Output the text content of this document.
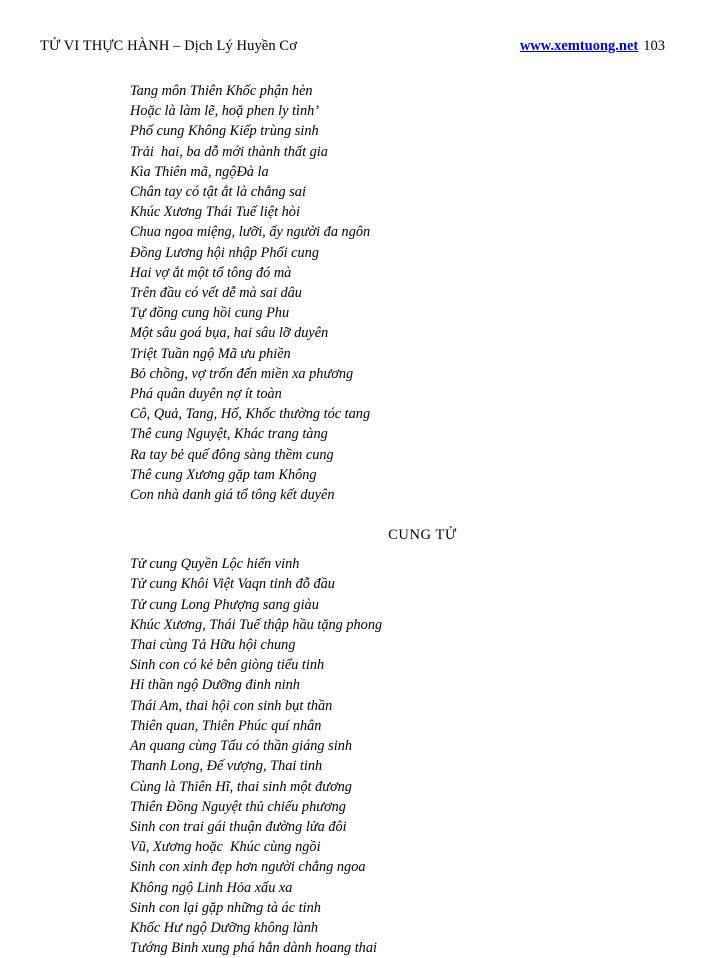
TỬ VI THỰC HÀNH – Dịch Lý Huyền Cơ	www.xemtuong.net 103
Tang môn Thiên Khốc phận hèn
Hoặc là làm lẽ, hoặ phen ly tình’
Phố cung Không Kiếp trùng sinh
Trải  hai, ba dỗ mới thành thất gia
Kìa Thiên mã, ngộĐà la
Chân tay có tật ắt là chẳng sai
Khúc Xương Thái Tuế liệt hòi
Chua ngoa miệng, lưỡi, ấy người đa ngôn
Đồng Lương hội nhập Phối cung
Hai vợ ắt một tổ tông đó mà
Trên đầu có vết dễ mà sai dâu
Tự đồng cung hồi cung Phu
Một sâu goá bụa, hai sâu lỡ duyên
Triệt Tuần ngộ Mã ưu phiền
Bỏ chồng, vợ trốn đến miền xa phương
Phá quân duyên nợ ít toàn
Cô, Quả, Tang, Hổ, Khốc thường tóc tang
Thê cung Nguyệt, Khác trang tàng
Ra tay bẻ quế đông sàng thềm cung
Thê cung Xương gặp tam Không
Con nhà danh giá tổ tông kết duyên
CUNG TỬ
Tử cung Quyền Lộc hiển vinh
Tử cung Khôi Việt Vaqn tinh đỗ đầu
Tử cung Long Phượng sang giàu
Khúc Xương, Thái Tuế thập hầu tặng phong
Thai cùng Tả Hữu hội chung
Sinh con có kẻ bên giòng tiểu tinh
Hỉ thần ngộ Dưỡng đinh ninh
Thái Am, thai hội con sinh bụt thần
Thiên quan, Thiên Phúc quí nhân
An quang cùng Tấu có thần giáng sinh
Thanh Long, Đế vượng, Thai tinh
Cùng là Thiên Hĩ, thai sinh một đương
Thiên Đồng Nguyệt thủ chiếu phương
Sinh con trai gái thuận đường lửa đôi
Vũ, Xương hoặc  Khúc cùng ngồi
Sinh con xinh đẹp hơn người chẳng ngoa
Không ngộ Linh Hỏa xấu xa
Sinh con lại gặp những tà ác tinh
Khốc Hư ngộ Dưỡng không lành
Tướng Binh xung phá hẳn dành hoang thai
